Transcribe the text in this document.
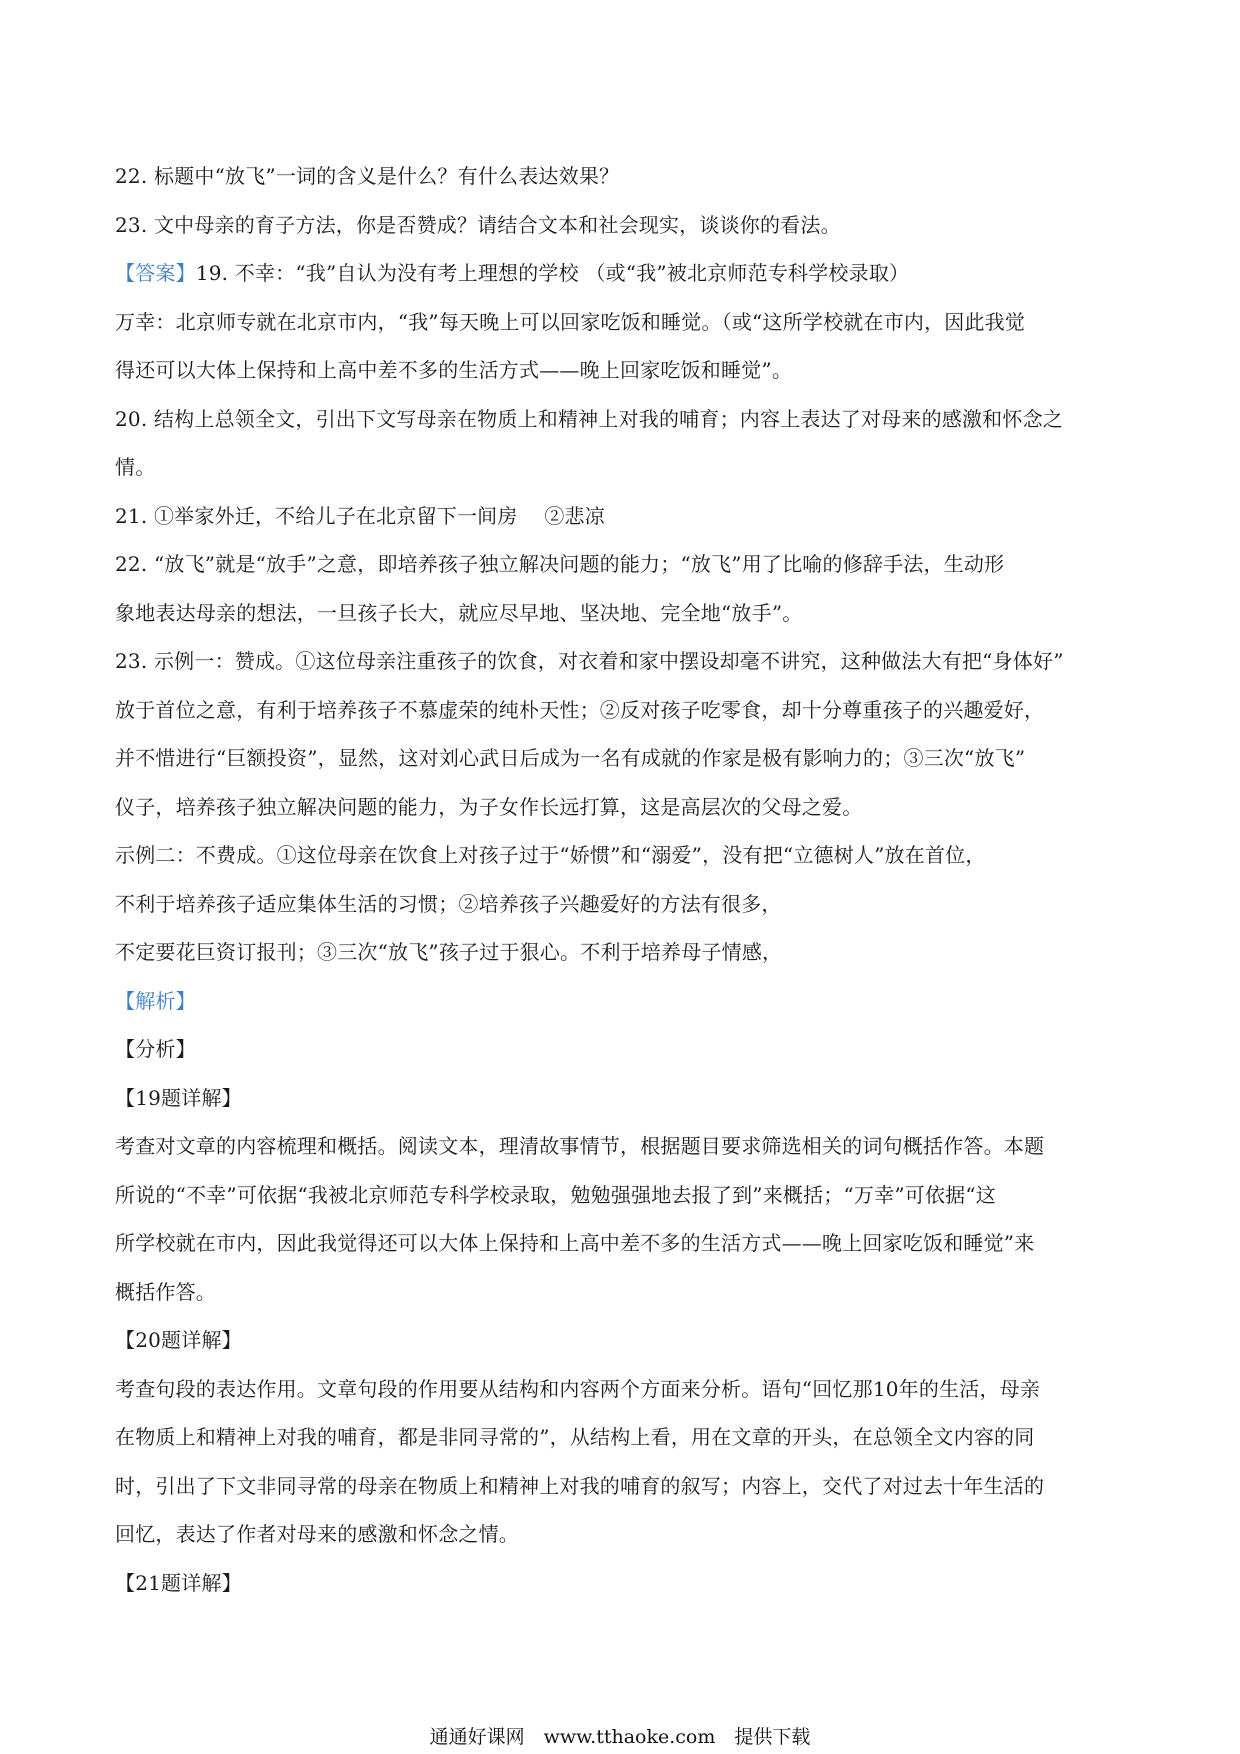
22. 标题中“放飞”一词的含义是什么？有什么表达效果？
23. 文中母亲的育子方法，你是否赞成？请结合文本和社会现实，谈谈你的看法。
【答案】19. 不幸：“我”自认为没有考上理想的学校 （或“我”被北京师范专科学校录取）
万幸：北京师专就在北京市内，“我”每天晚上可以回家吃饭和睡觉。（或“这所学校就在市内，因此我觉
得还可以大体上保持和上高中差不多的生活方式——晚上回家吃饭和睡觉”。
20. 结构上总领全文，引出下文写母亲在物质上和精神上对我的哺育；内容上表达了对母来的感激和怀念之
情。
21. ①举家外迁，不给儿子在北京留下一间房　 ②悲凉
22. “放飞”就是“放手”之意，即培养孩子独立解决问题的能力；“放飞”用了比喻的修辞手法，生动形
象地表达母亲的想法，一旦孩子长大，就应尽早地、坚决地、完全地“放手”。
23. 示例一：赞成。①这位母亲注重孩子的饮食，对衣着和家中摆设却毫不讲究，这种做法大有把“身体好”
放于首位之意，有利于培养孩子不慕虚荣的纯朴天性；②反对孩子吃零食，却十分尊重孩子的兴趣爱好，
并不惜进行“巨额投资”，显然，这对刘心武日后成为一名有成就的作家是极有影响力的；③三次“放飞”
仪子，培养孩子独立解决问题的能力，为子女作长远打算，这是高层次的父母之爱。
示例二：不费成。①这位母亲在饮食上对孩子过于“娇惯”和“溺爱”，没有把“立德树人”放在首位，
不利于培养孩子适应集体生活的习惯；②培养孩子兴趣爱好的方法有很多，
不定要花巨资订报刊；③三次“放飞”孩子过于狠心。不利于培养母子情感，
【解析】
【分析】
【19题详解】
考查对文章的内容梳理和概括。阅读文本，理清故事情节，根据题目要求筛选相关的词句概括作答。本题
所说的“不幸”可依据“我被北京师范专科学校录取，勉勉强强地去报了到”来概括；“万幸”可依据“这
所学校就在市内，因此我觉得还可以大体上保持和上高中差不多的生活方式——晚上回家吃饭和睡觉”来
概括作答。
【20题详解】
考查句段的表达作用。文章句段的作用要从结构和内容两个方面来分析。语句“回忆那10年的生活，母亲
在物质上和精神上对我的哺育，都是非同寻常的”，从结构上看，用在文章的开头，在总领全文内容的同
时，引出了下文非同寻常的母亲在物质上和精神上对我的哺育的叙写；内容上，交代了对过去十年生活的
回忆，表达了作者对母来的感激和怀念之情。
【21题详解】
通通好课网　www.tthaoke.com　提供下载
